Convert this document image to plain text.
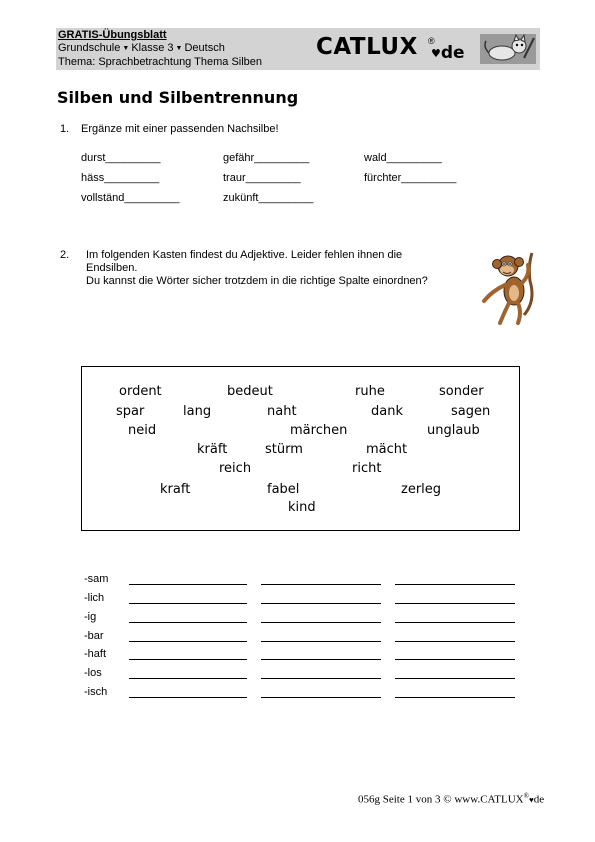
GRATIS-Übungsblatt
Grundschule ▼ Klasse 3 ▼ Deutsch
Thema: Sprachbetrachtung Thema Silben
CATLUX ®
♥de
Silben und Silbentrennung
1. Ergänze mit einer passenden Nachsilbe!
durst_________	gefähr_________	wald_________
häss_________	traur_________	fürchter_________
vollständ_________	zukünft_________
2. Im folgenden Kasten findest du Adjektive. Leider fehlen ihnen die
Endsilben.
Du kannst die Wörter sicher trotzdem in die richtige Spalte einordnen?
ordent	bedeut	ruhe	sonder
spar	lang	naht	dank	sagen
neid	märchen	unglaub
kräft	stürm	mächt
reich	richt
kraft	fabel	zerleg
kind
-sam
-lich
-ig
-bar
-haft
-los
-isch
056g Seite 1 von 3 © www.CATLUX®♥de
